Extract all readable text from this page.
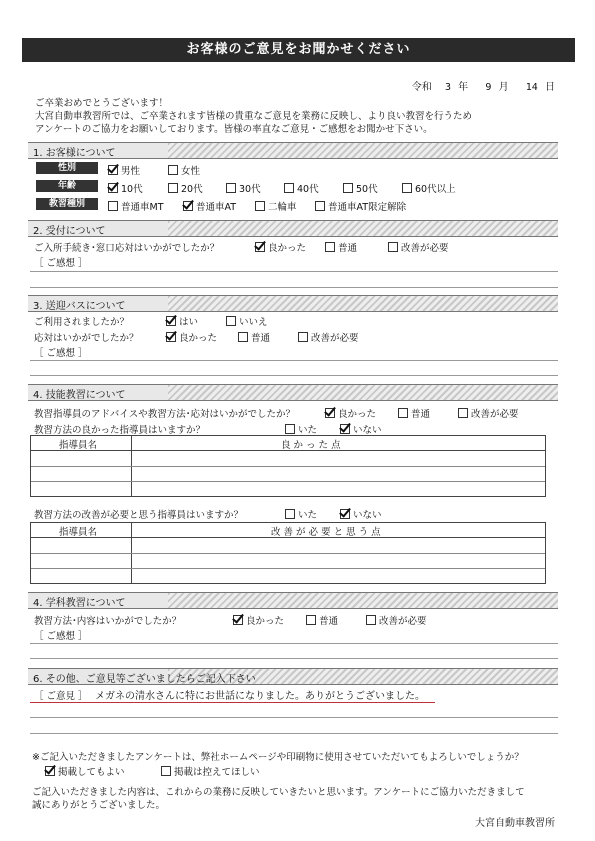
お客様のご意見をお聞かせください
令和 3 年 9 月 14 日
ご卒業おめでとうございます！
大宮自動車教習所では、ご卒業されます皆様の貴重なご意見を業務に反映し、より良い教習を行うため
アンケートのご協力をお願いしております。皆様の率直なご意見・ご感想をお聞かせ下さい。
1. お客様について
性別	男性	女性
年齢	10代	20代	30代	40代	50代	60代以上
教習種別	普通車MT	普通車AT	二輪車	普通車AT限定解除
2. 受付について
ご入所手続き･窓口応対はいかがでしたか？	良かった	普通	改善が必要
［ ご感想 ］
3. 送迎バスについて
ご利用されましたか？	はい	いいえ
応対はいかがでしたか？	良かった	普通	改善が必要
［ ご感想 ］
4. 技能教習について
教習指導員のアドバイスや教習方法･応対はいかがでしたか？	良かった	普通	改善が必要
教習方法の良かった指導員はいますか？	いた	いない
指導員名	良 か っ た 点
教習方法の改善が必要と思う指導員はいますか？	いた	いない
指導員名	改 善 が 必 要 と 思 う 点
4. 学科教習について
教習方法･内容はいかがでしたか？	良かった	普通	改善が必要
［ ご感想 ］
6. その他、ご意見等ございましたらご記入下さい
［ ご意見 ］ メガネの清水さんに特にお世話になりました。ありがとうございました。
※ご記入いただきましたアンケートは、弊社ホームページや印刷物に使用させていただいてもよろしいでしょうか？
掲載してもよい	掲載は控えてほしい
ご記入いただきました内容は、これからの業務に反映していきたいと思います。アンケートにご協力いただきまして
誠にありがとうございました。
大宮自動車教習所
